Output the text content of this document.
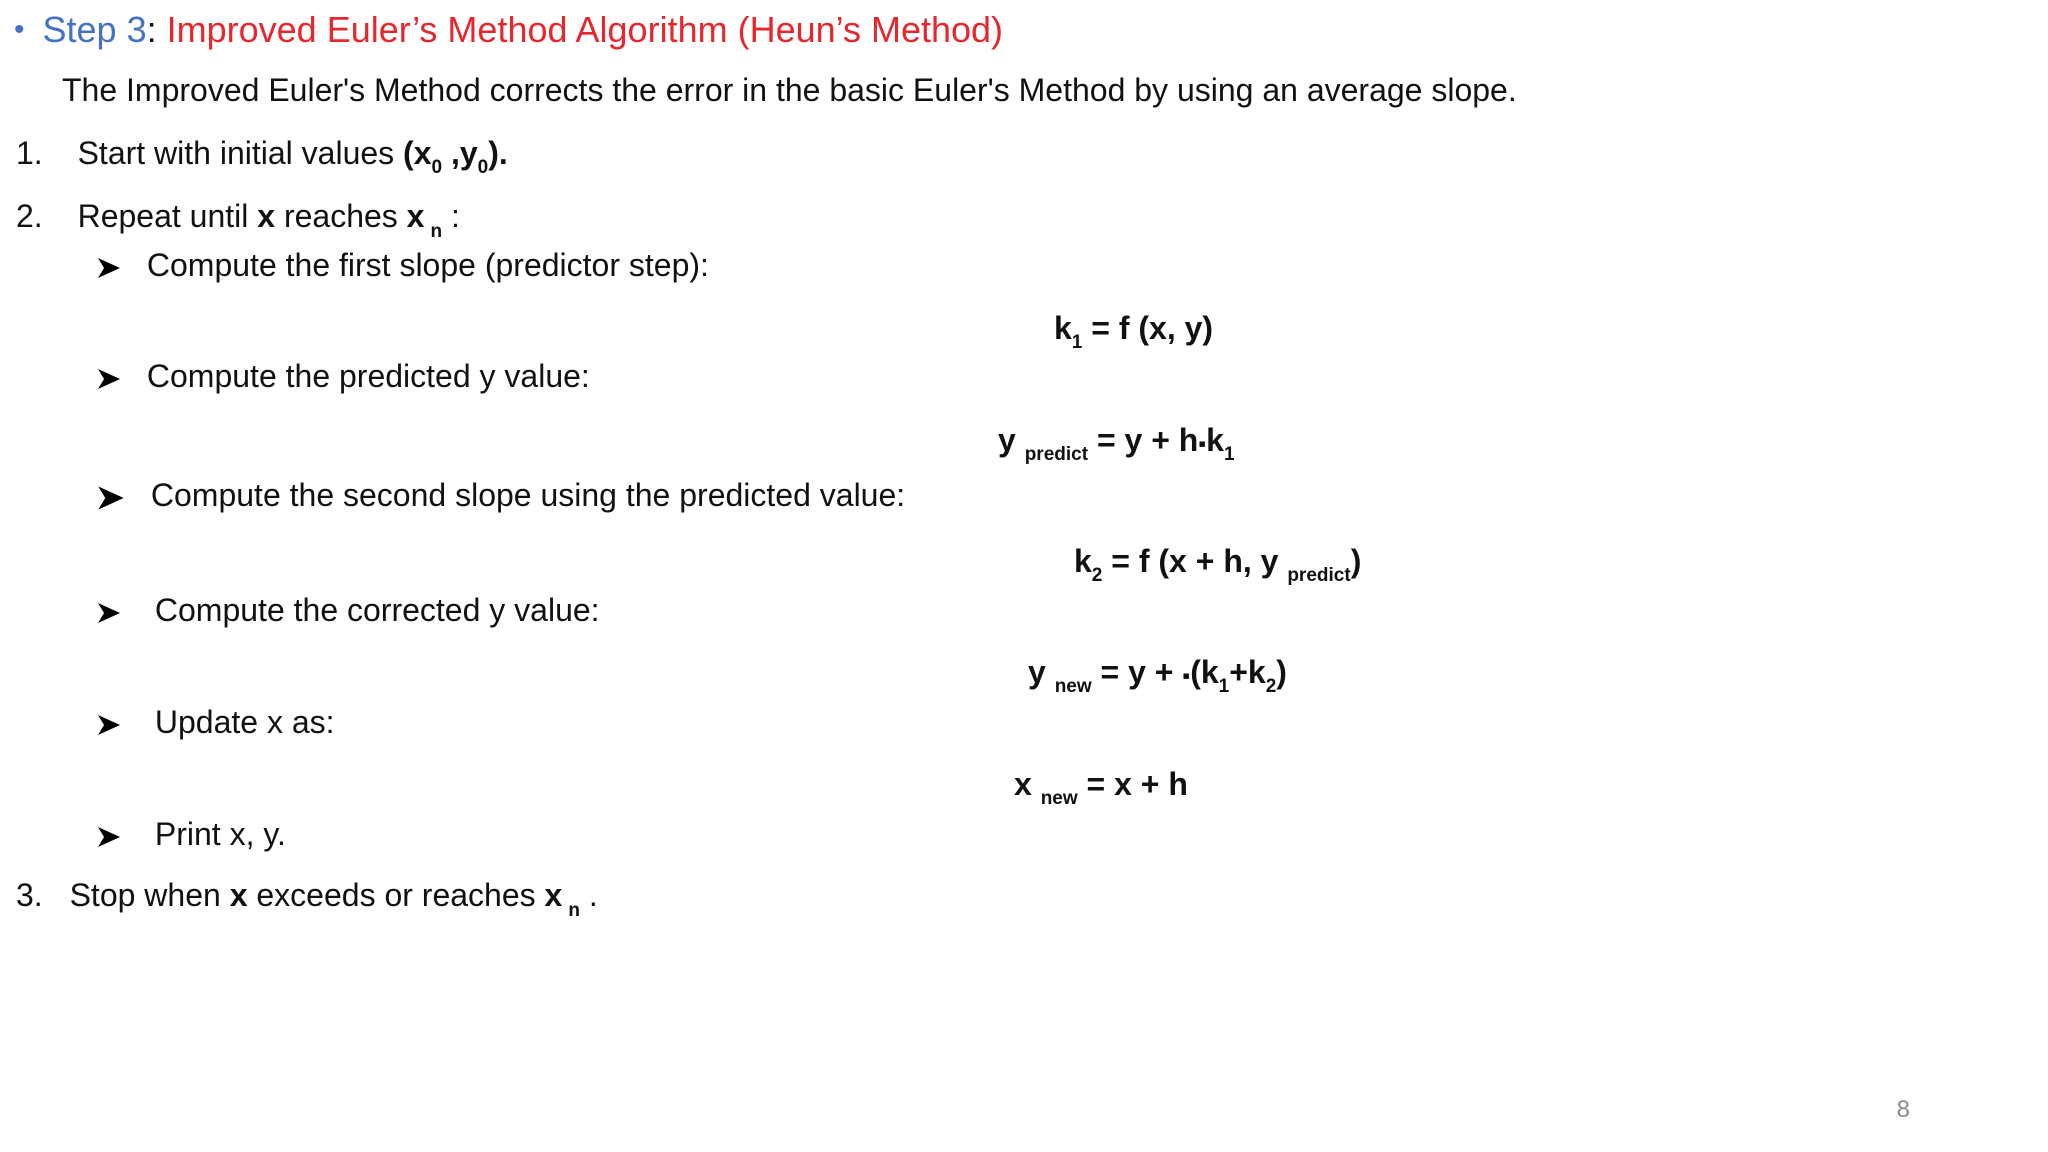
• Step 3: Improved Euler’s Method Algorithm (Heun’s Method)
The Improved Euler's Method corrects the error in the basic Euler's Method by using an average slope.
1. Start with initial values ($x_0$ $,y_0$).
2. Repeat until x reaches x $_n$ :
Compute the first slope (predictor step):
$k_1 = f$ (x, y)
Compute the predicted y value:
y $_{predict} = y + h▪k_1$
Compute the second slope using the predicted value:
$k_2 = f$ (x + h, y $_{predict}$)
Compute the corrected y value:
y $_{new} = y + ▪(k_1+k_2)$
Update x as:
x $_{new}$ = x + h
Print x, y.
3. Stop when x exceeds or reaches x $_n$ .
8
